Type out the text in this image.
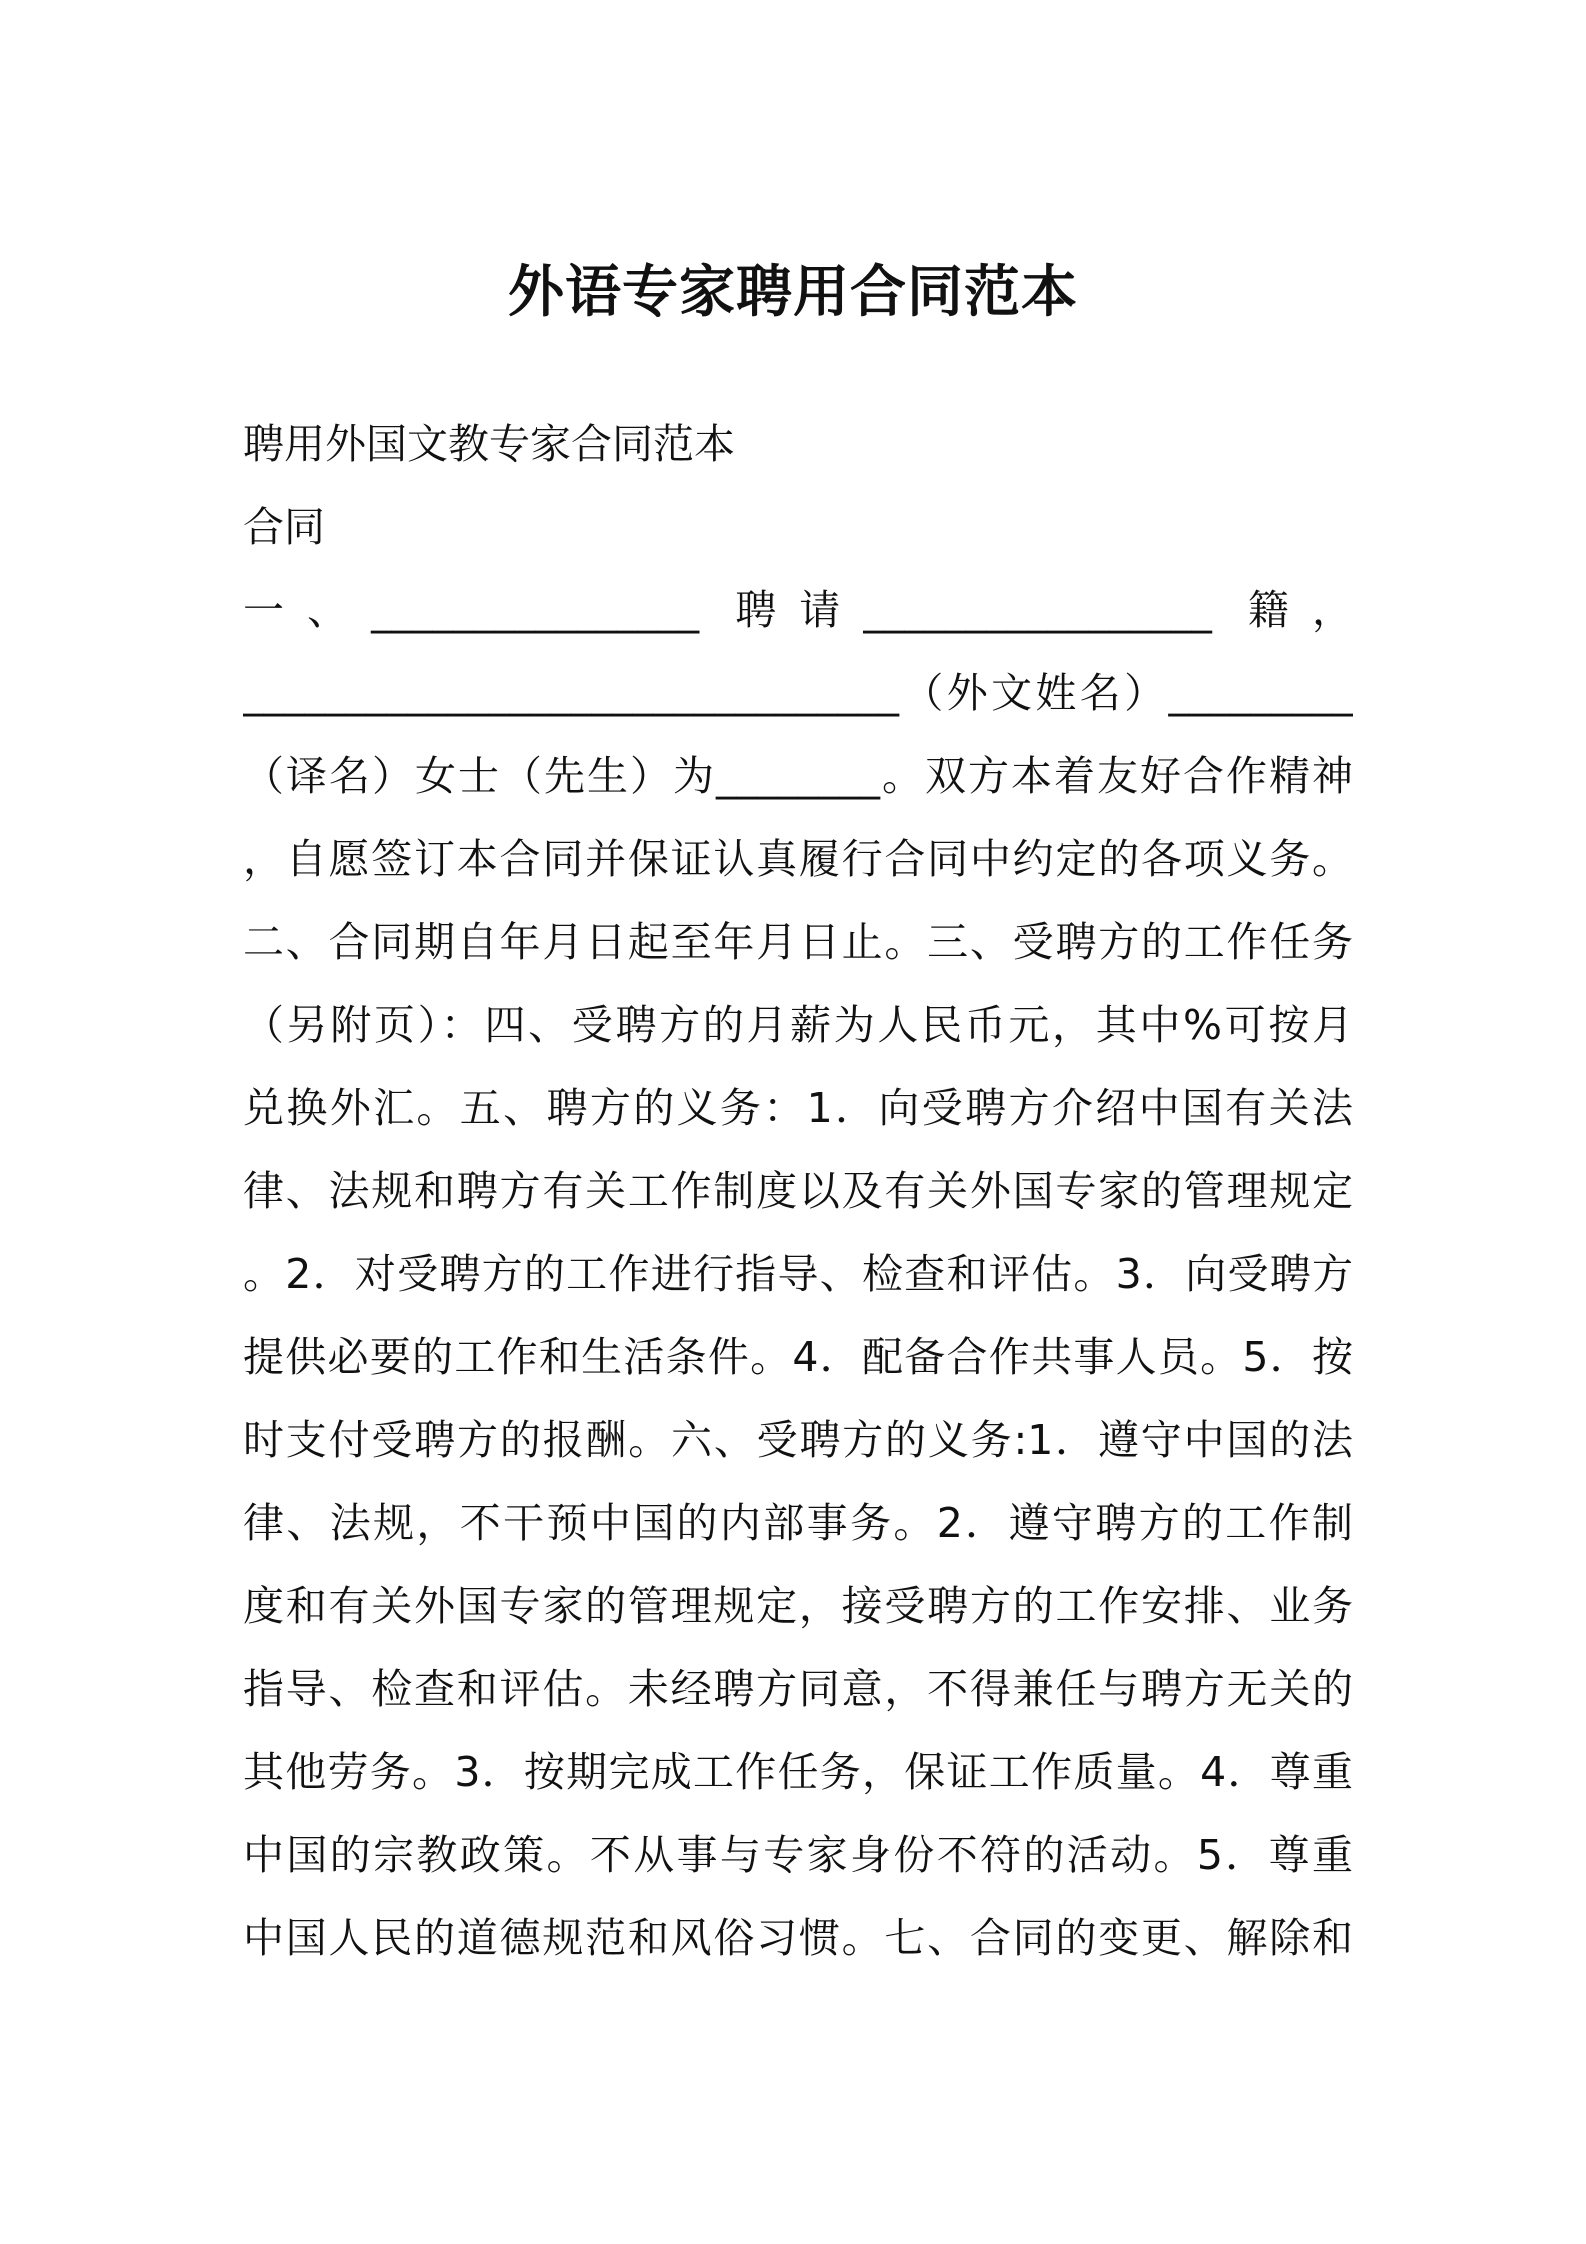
外语专家聘用合同范本
聘用外国文教专家合同范本
合同
一、________________ 聘请_________________ 籍，
________________________________（外文姓名）_________
（译名）女士（先生）为________。双方本着友好合作精神
，自愿签订本合同并保证认真履行合同中约定的各项义务。
二、合同期自年月日起至年月日止。三、受聘方的工作任务
（另附页）：四、受聘方的月薪为人民币元，其中%可按月
兑换外汇。五、聘方的义务：1．向受聘方介绍中国有关法
律、法规和聘方有关工作制度以及有关外国专家的管理规定
。2．对受聘方的工作进行指导、检查和评估。3．向受聘方
提供必要的工作和生活条件。4．配备合作共事人员。5．按
时支付受聘方的报酬。六、受聘方的义务:1．遵守中国的法
律、法规，不干预中国的内部事务。2．遵守聘方的工作制
度和有关外国专家的管理规定，接受聘方的工作安排、业务
指导、检查和评估。未经聘方同意，不得兼任与聘方无关的
其他劳务。3．按期完成工作任务，保证工作质量。4．尊重
中国的宗教政策。不从事与专家身份不符的活动。5．尊重
中国人民的道德规范和风俗习惯。七、合同的变更、解除和
